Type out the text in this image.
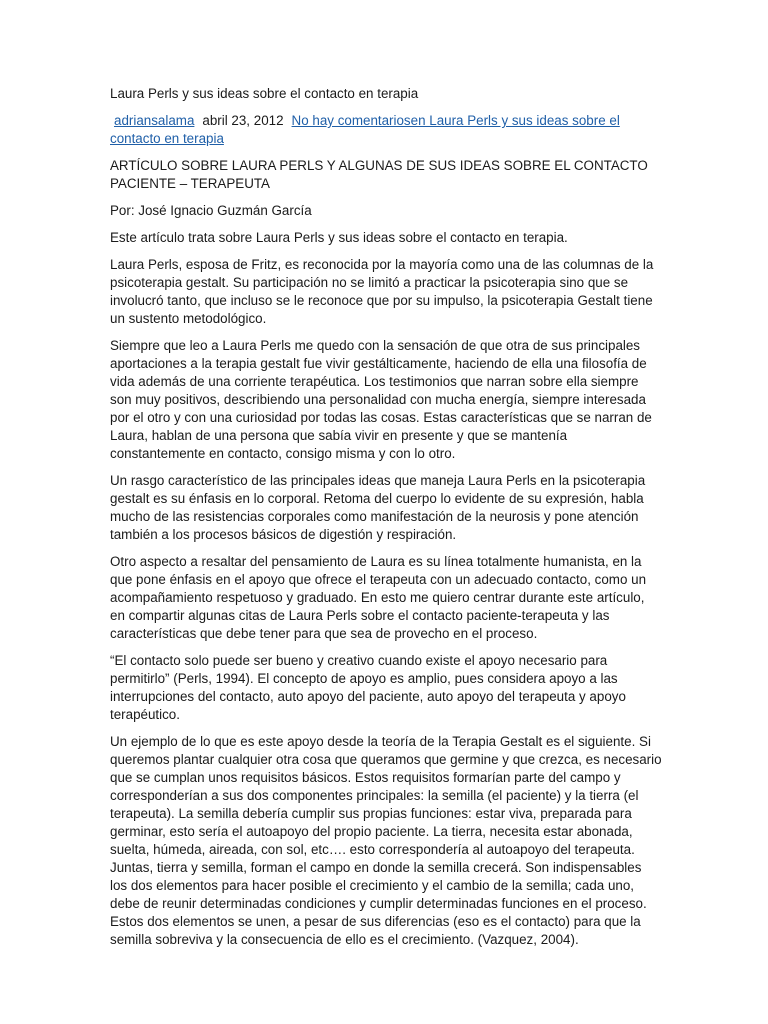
Laura Perls y sus ideas sobre el contacto en terapia

adriansalama abril 23, 2012 No hay comentariosen Laura Perls y sus ideas sobre el contacto en terapia

ARTÍCULO SOBRE LAURA PERLS Y ALGUNAS DE SUS IDEAS SOBRE EL CONTACTO PACIENTE – TERAPEUTA

Por: José Ignacio Guzmán García

Este artículo trata sobre Laura Perls y sus ideas sobre el contacto en terapia.

Laura Perls, esposa de Fritz, es reconocida por la mayoría como una de las columnas de la psicoterapia gestalt. Su participación no se limitó a practicar la psicoterapia sino que se involucró tanto, que incluso se le reconoce que por su impulso, la psicoterapia Gestalt tiene un sustento metodológico.

Siempre que leo a Laura Perls me quedo con la sensación de que otra de sus principales aportaciones a la terapia gestalt fue vivir gestálticamente, haciendo de ella una filosofía de vida además de una corriente terapéutica. Los testimonios que narran sobre ella siempre son muy positivos, describiendo una personalidad con mucha energía, siempre interesada por el otro y con una curiosidad por todas las cosas. Estas características que se narran de Laura, hablan de una persona que sabía vivir en presente y que se mantenía constantemente en contacto, consigo misma y con lo otro.

Un rasgo característico de las principales ideas que maneja Laura Perls en la psicoterapia gestalt es su énfasis en lo corporal. Retoma del cuerpo lo evidente de su expresión, habla mucho de las resistencias corporales como manifestación de la neurosis y pone atención también a los procesos básicos de digestión y respiración.

Otro aspecto a resaltar del pensamiento de Laura es su línea totalmente humanista, en la que pone énfasis en el apoyo que ofrece el terapeuta con un adecuado contacto, como un acompañamiento respetuoso y graduado. En esto me quiero centrar durante este artículo, en compartir algunas citas de Laura Perls sobre el contacto paciente-terapeuta y las características que debe tener para que sea de provecho en el proceso.

“El contacto solo puede ser bueno y creativo cuando existe el apoyo necesario para permitirlo” (Perls, 1994). El concepto de apoyo es amplio, pues considera apoyo a las interrupciones del contacto, auto apoyo del paciente, auto apoyo del terapeuta y apoyo terapéutico.

Un ejemplo de lo que es este apoyo desde la teoría de la Terapia Gestalt es el siguiente. Si queremos plantar cualquier otra cosa que queramos que germine y que crezca, es necesario que se cumplan unos requisitos básicos. Estos requisitos formarían parte del campo y corresponderían a sus dos componentes principales: la semilla (el paciente) y la tierra (el terapeuta). La semilla debería cumplir sus propias funciones: estar viva, preparada para germinar, esto sería el autoapoyo del propio paciente. La tierra, necesita estar abonada, suelta, húmeda, aireada, con sol, etc…. esto correspondería al autoapoyo del terapeuta. Juntas, tierra y semilla, forman el campo en donde la semilla crecerá. Son indispensables los dos elementos para hacer posible el crecimiento y el cambio de la semilla; cada uno, debe de reunir determinadas condiciones y cumplir determinadas funciones en el proceso. Estos dos elementos se unen, a pesar de sus diferencias (eso es el contacto) para que la semilla sobreviva y la consecuencia de ello es el crecimiento. (Vazquez, 2004).
